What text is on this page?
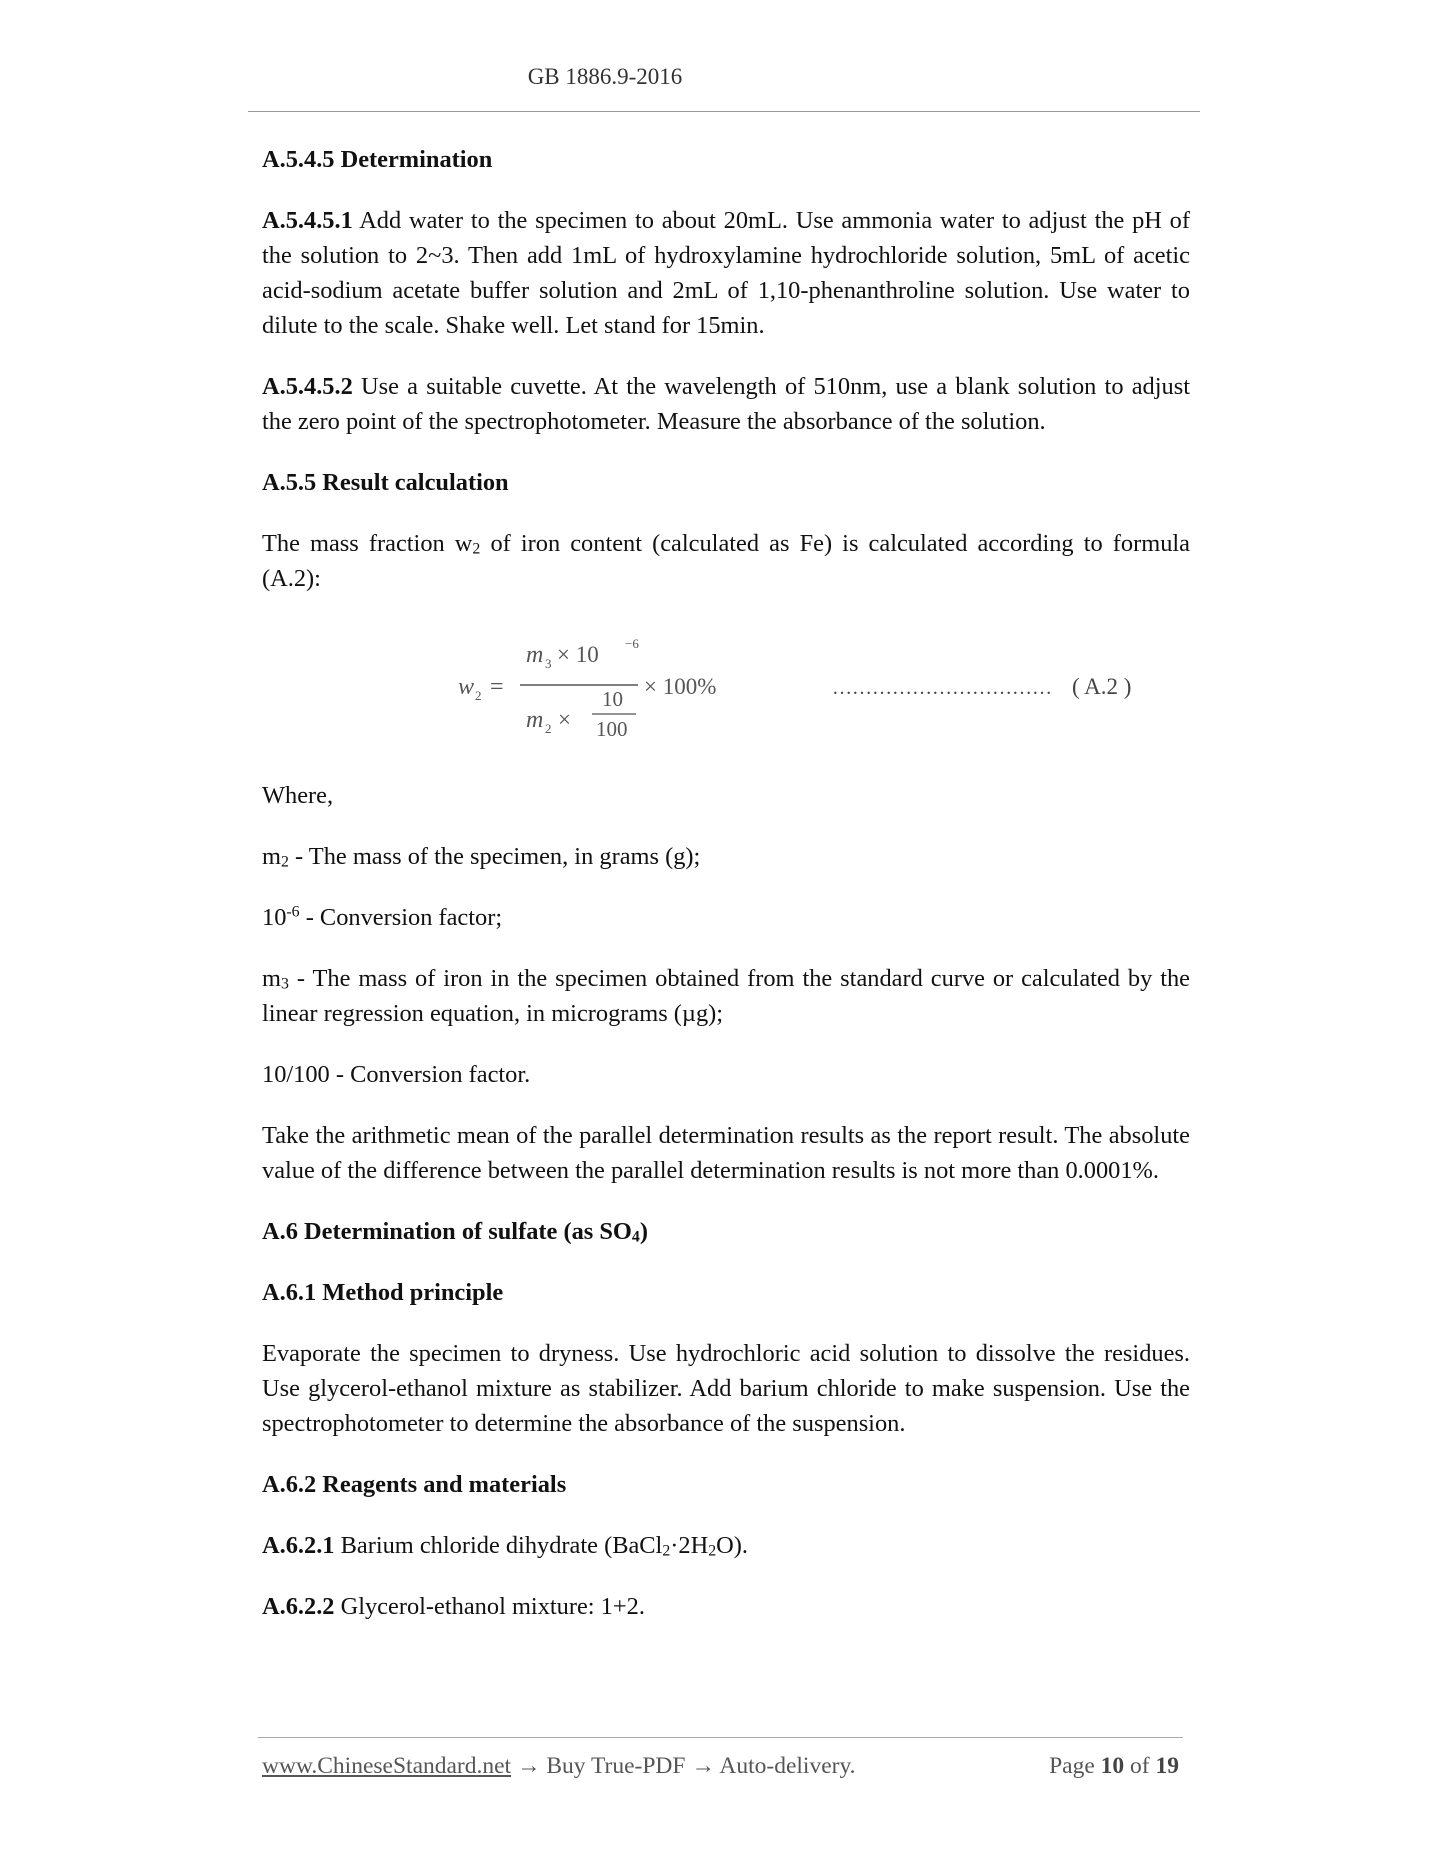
GB 1886.9-2016

A.5.4.5 Determination

A.5.4.5.1 Add water to the specimen to about 20mL. Use ammonia water to adjust the pH of the solution to 2~3. Then add 1mL of hydroxylamine hydrochloride solution, 5mL of acetic acid-sodium acetate buffer solution and 2mL of 1,10-phenanthroline solution. Use water to dilute to the scale. Shake well. Let stand for 15min.

A.5.4.5.2 Use a suitable cuvette. At the wavelength of 510nm, use a blank solution to adjust the zero point of the spectrophotometer. Measure the absorbance of the solution.

A.5.5 Result calculation

The mass fraction $w_2$ of iron content (calculated as Fe) is calculated according to formula (A.2):

w 2 =
m 3 × 10 −6
m 2 ×
10
100
× 100%	…………………………… ( A.2 )

Where,

$m_2$ - The mass of the specimen, in grams (g);

$10^{-6}$ - Conversion factor;

$m_3$ - The mass of iron in the specimen obtained from the standard curve or calculated by the linear regression equation, in micrograms (µg);

10/100 - Conversion factor.

Take the arithmetic mean of the parallel determination results as the report result. The absolute value of the difference between the parallel determination results is not more than 0.0001%.

A.6 Determination of sulfate (as $SO_4$)

A.6.1 Method principle

Evaporate the specimen to dryness. Use hydrochloric acid solution to dissolve the residues. Use glycerol-ethanol mixture as stabilizer. Add barium chloride to make suspension. Use the spectrophotometer to determine the absorbance of the suspension.

A.6.2 Reagents and materials

A.6.2.1 Barium chloride dihydrate $(BaCl_2\cdot 2H_2O)$.

A.6.2.2 Glycerol-ethanol mixture: 1+2.

www.ChineseStandard.net → Buy True-PDF → Auto-delivery.	Page 10 of 19
